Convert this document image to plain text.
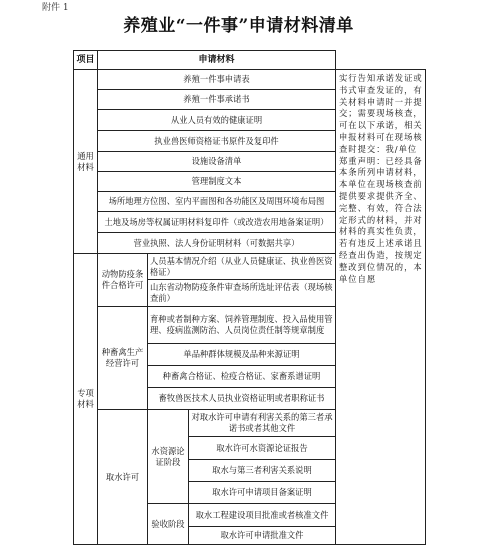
附件 1
养殖业“一件事”申请材料清单
项目	申请材料			
通用材料	养殖一件事申请表			实行告知承诺发证或书式审查发证的，有关材料申请时一并提交；需要现场核查，可在以下承诺，相关申报材料可在现场核查时提交：我/单位郑重声明：已经具备本条所列申请材料，本单位在现场核查前提供要求提供齐全、完整、有效，符合法定形式的材料，并对材料的真实性负责，若有违反上述承诺且经查出伪造，按规定整改到位情况的，本单位自愿
	养殖一件事承诺书			
	从业人员有效的健康证明			
	执业兽医师资格证书原件及复印件			
	设施设备清单			
	管理制度文本			
	场所地理方位图、室内平面图和各功能区及周围环境布局图			
	土地及场房等权属证明材料复印件（或改造农用地备案证明）			
	营业执照、法人身份证明材料（可数据共享）			
专项材料	动物防疫条件合格许可	人员基本情况介绍（从业人员健康证、执业兽医资格证）		
		山东省动物防疫条件审查场所选址评估表（现场核查前）		
	种畜禽生产经营许可	育种或者制种方案、饲养管理制度、投入品使用管理、疫病监测防治、人员岗位责任制等规章制度		
		单品种群体规模及品种来源证明		
		种畜禽合格证、检疫合格证、家畜系谱证明		
		畜牧兽医技术人员执业资格证明或者职称证书		
	取水许可	水资源论证阶段	对取水许可申请有利害关系的第三者承诺书或者其他文件	
			取水许可水资源论证报告	
			取水与第三者利害关系说明	
			取水许可申请项目备案证明	
		验收阶段	取水工程建设项目批准或者核准文件	
			取水许可申请批准文件	
